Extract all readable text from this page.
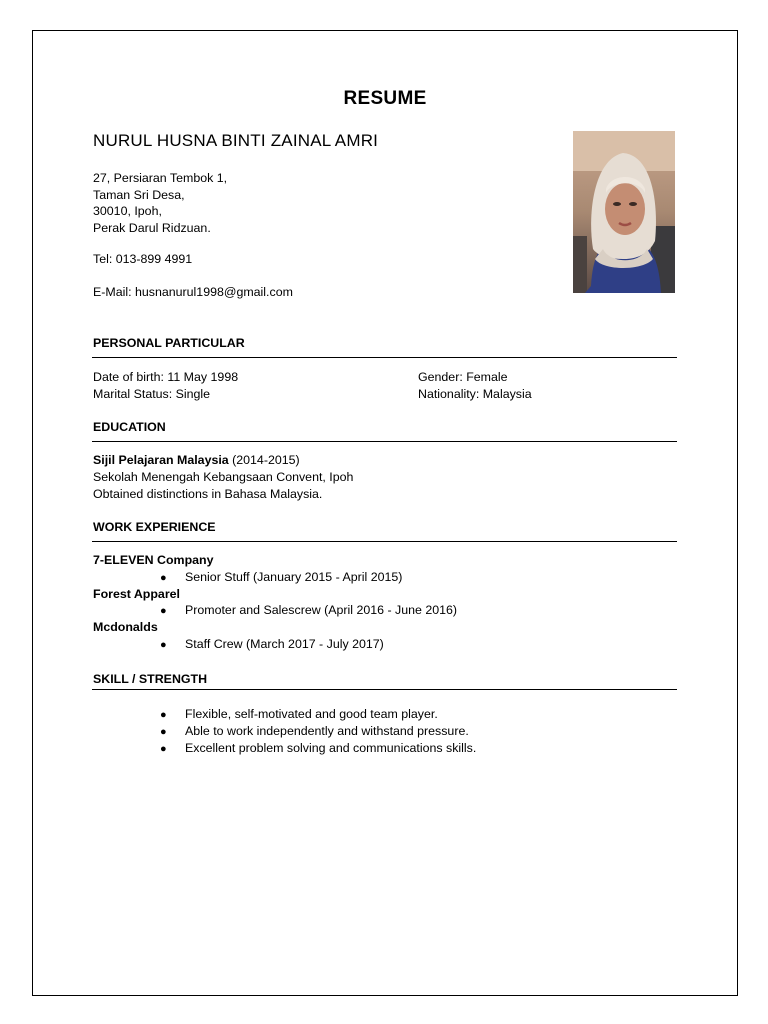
RESUME
NURUL HUSNA BINTI ZAINAL AMRI
27, Persiaran Tembok 1,
Taman Sri Desa,
30010, Ipoh,
Perak Darul Ridzuan.
Tel: 013-899 4991
E-Mail: husnanurul1998@gmail.com
PERSONAL PARTICULAR
Date of birth: 11 May 1998	Gender: Female
Marital Status: Single	Nationality: Malaysia
EDUCATION
Sijil Pelajaran Malaysia (2014-2015)
Sekolah Menengah Kebangsaan Convent, Ipoh
Obtained distinctions in Bahasa Malaysia.
WORK EXPERIENCE
7-ELEVEN Company
● Senior Stuff (January 2015 - April 2015)
Forest Apparel
● Promoter and Salescrew (April 2016 - June 2016)
Mcdonalds
● Staff Crew (March 2017 - July 2017)
SKILL / STRENGTH
● Flexible, self-motivated and good team player.
● Able to work independently and withstand pressure.
● Excellent problem solving and communications skills.
